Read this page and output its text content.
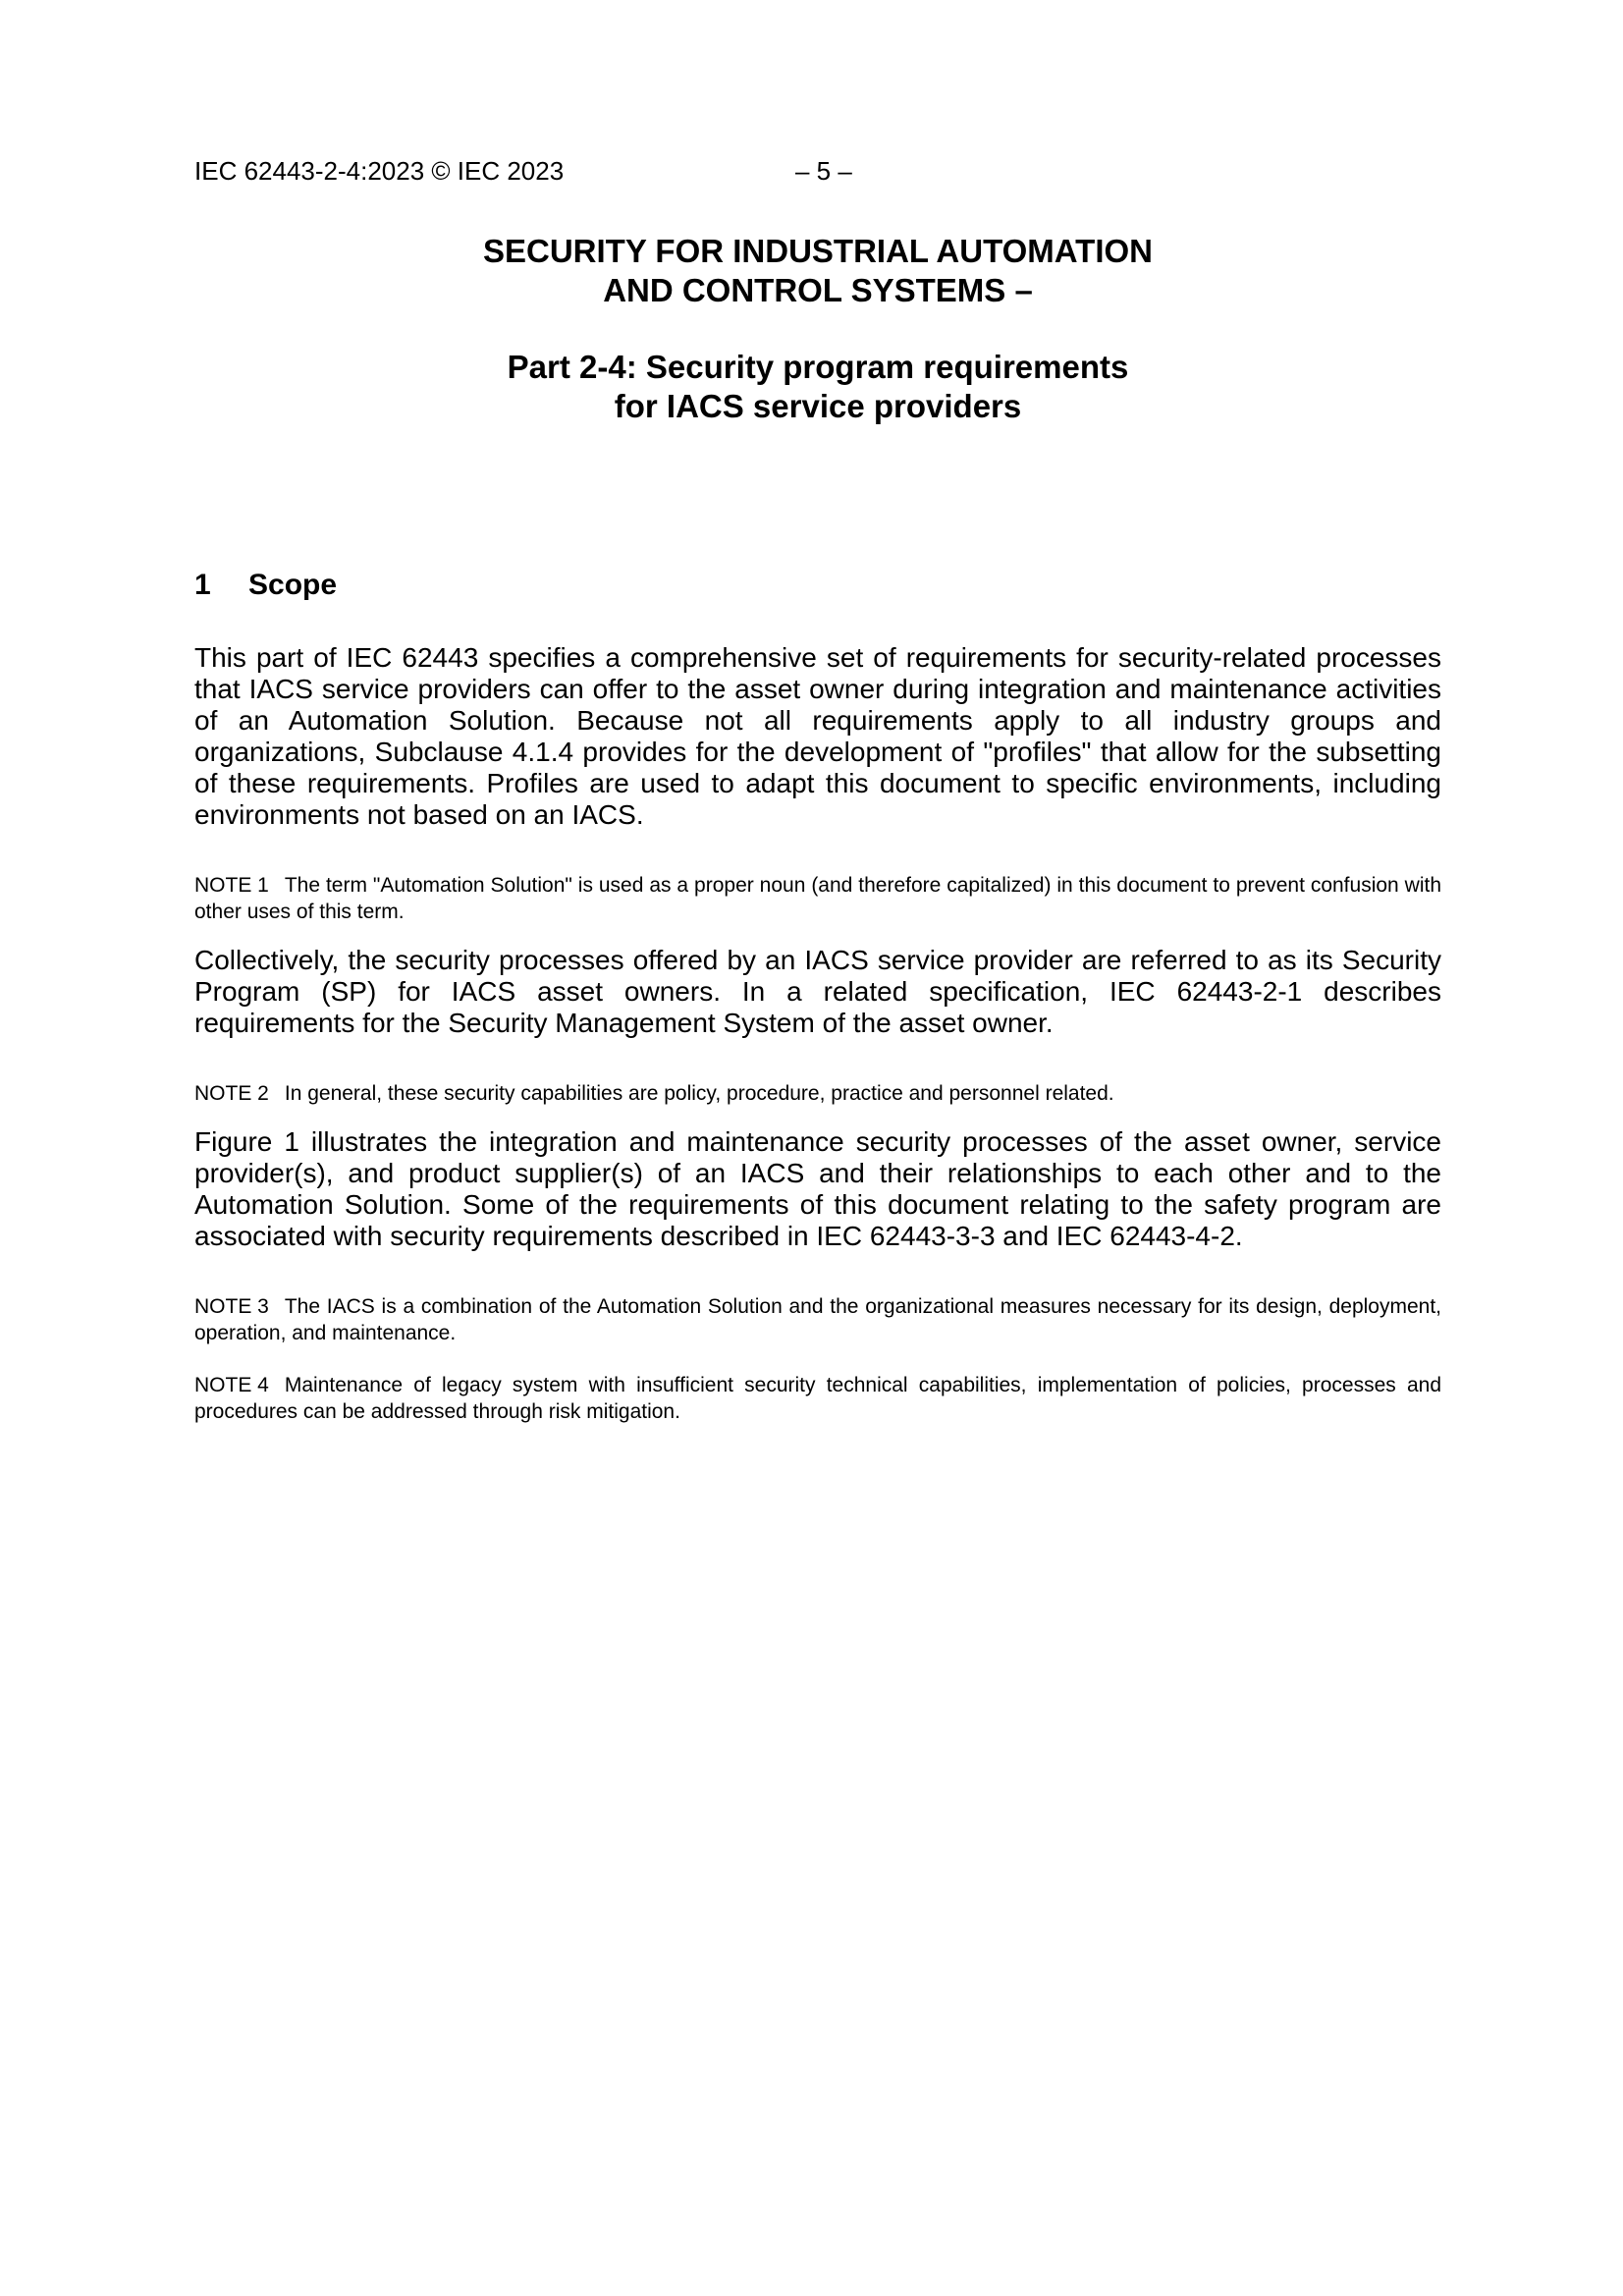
IEC 62443-2-4:2023 © IEC 2023	– 5 –

SECURITY FOR INDUSTRIAL AUTOMATION
AND CONTROL SYSTEMS –

Part 2-4: Security program requirements
for IACS service providers

1	Scope

This part of IEC 62443 specifies a comprehensive set of requirements for security-related processes that IACS service providers can offer to the asset owner during integration and maintenance activities of an Automation Solution. Because not all requirements apply to all industry groups and organizations, Subclause 4.1.4 provides for the development of "profiles" that allow for the subsetting of these requirements. Profiles are used to adapt this document to specific environments, including environments not based on an IACS.

NOTE 1 The term "Automation Solution" is used as a proper noun (and therefore capitalized) in this document to prevent confusion with other uses of this term.

Collectively, the security processes offered by an IACS service provider are referred to as its Security Program (SP) for IACS asset owners. In a related specification, IEC 62443-2-1 describes requirements for the Security Management System of the asset owner.

NOTE 2 In general, these security capabilities are policy, procedure, practice and personnel related.

Figure 1 illustrates the integration and maintenance security processes of the asset owner, service provider(s), and product supplier(s) of an IACS and their relationships to each other and to the Automation Solution. Some of the requirements of this document relating to the safety program are associated with security requirements described in IEC 62443-3-3 and IEC 62443-4-2.

NOTE 3 The IACS is a combination of the Automation Solution and the organizational measures necessary for its design, deployment, operation, and maintenance.

NOTE 4 Maintenance of legacy system with insufficient security technical capabilities, implementation of policies, processes and procedures can be addressed through risk mitigation.
